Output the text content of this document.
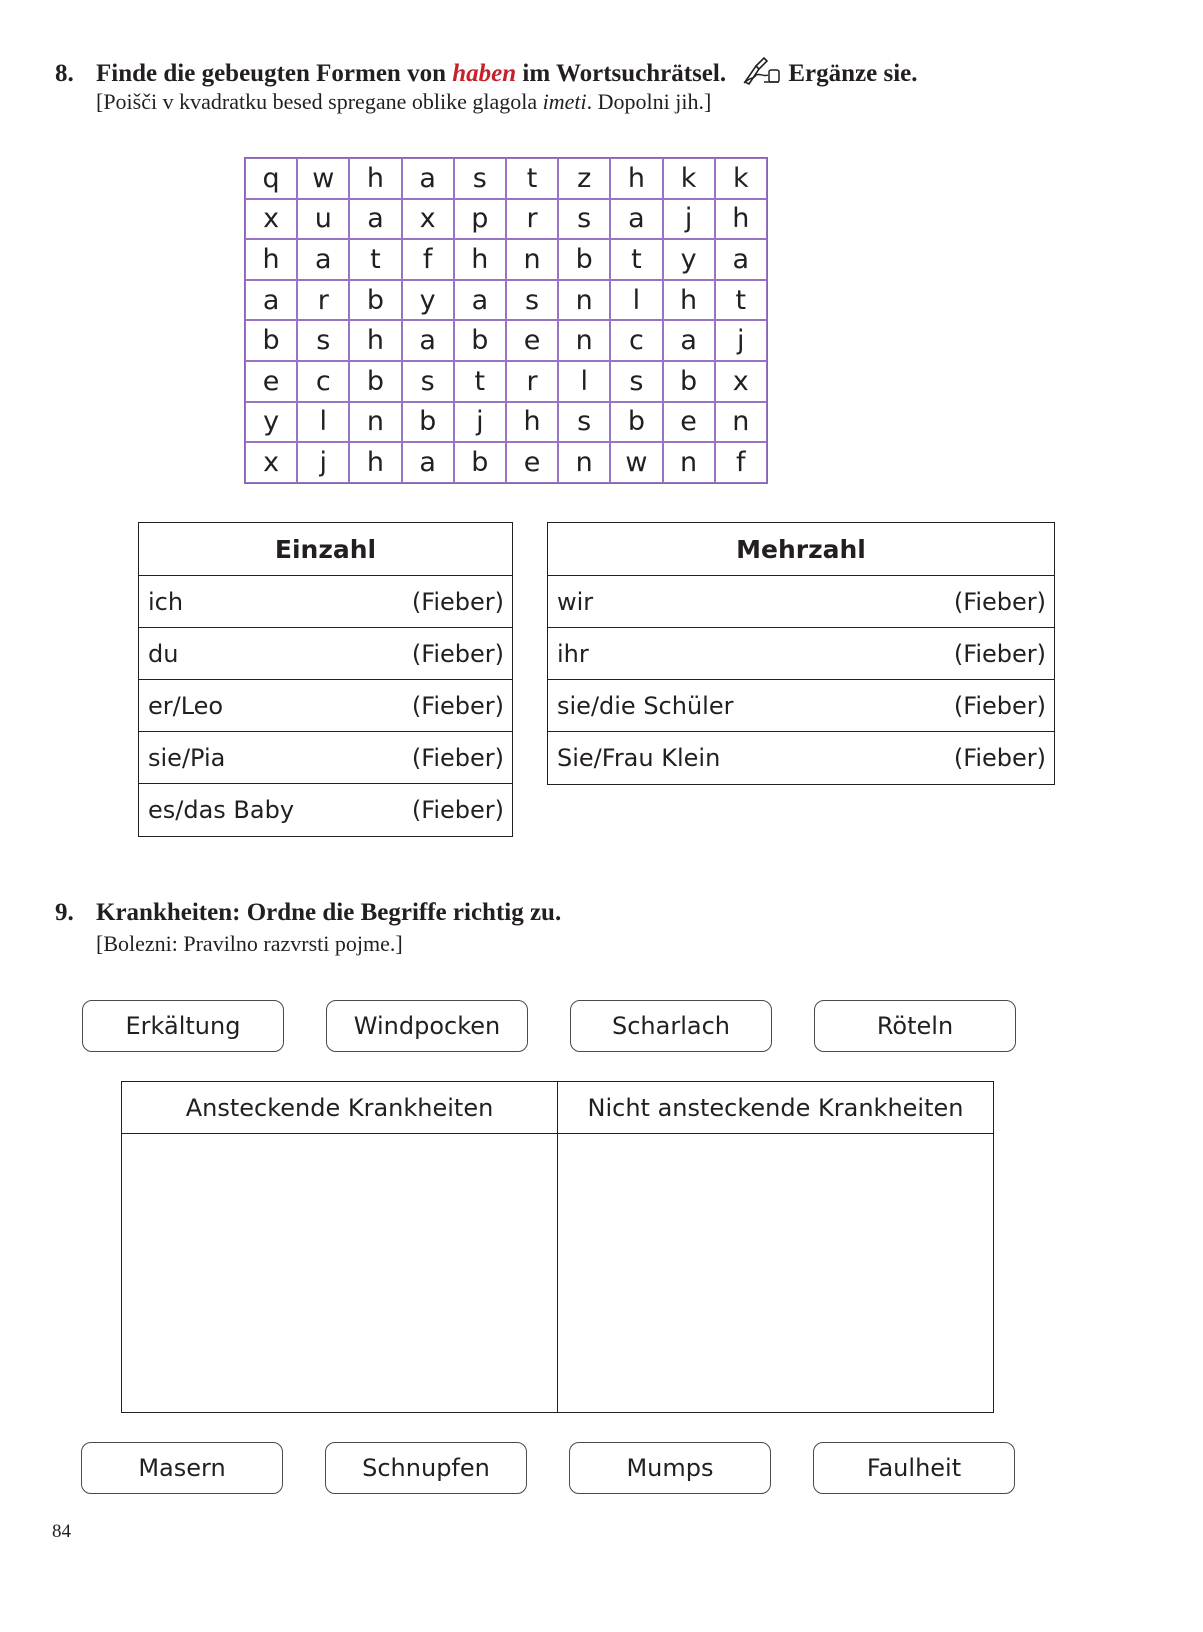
8. Finde die gebeugten Formen von haben im Wortsuchrätsel. Ergänze sie.
[Poišči v kvadratku besed spregane oblike glagola imeti. Dopolni jih.]
q	w	h	a	s	t	z	h	k	k
x	u	a	x	p	r	s	a	j	h
h	a	t	f	h	n	b	t	y	a
a	r	b	y	a	s	n	l	h	t
b	s	h	a	b	e	n	c	a	j
e	c	b	s	t	r	l	s	b	x
y	l	n	b	j	h	s	b	e	n
x	j	h	a	b	e	n	w	n	f
Einzahl
ich	(Fieber)
du	(Fieber)
er/Leo	(Fieber)
sie/Pia	(Fieber)
es/das Baby	(Fieber)
Mehrzahl
wir	(Fieber)
ihr	(Fieber)
sie/die Schüler	(Fieber)
Sie/Frau Klein	(Fieber)
9. Krankheiten: Ordne die Begriffe richtig zu.
[Bolezni: Pravilno razvrsti pojme.]
Erkältung	Windpocken	Scharlach	Röteln
Ansteckende Krankheiten	Nicht ansteckende Krankheiten
Masern	Schnupfen	Mumps	Faulheit
84
